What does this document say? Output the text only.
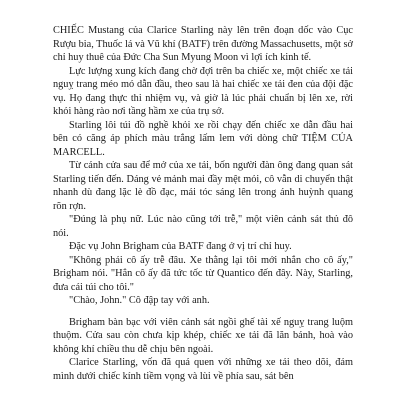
CHIẾC Mustang của Clarice Starling này lên trên đoạn dốc vào Cục Rượu bia, Thuốc lá và Vũ khí (BATF) trên đường Massachusetts, một sở chỉ huy thuê của Đức Cha Sun Myung Moon vì lợi ích kinh tế.

Lực lượng xung kích đang chờ đợi trên ba chiếc xe, một chiếc xe tải nguỵ trang méo mó dẫn đầu, theo sau là hai chiếc xe tải đen của đội đặc vụ. Họ đang thực thi nhiệm vụ, và giờ là lúc phải chuẩn bị lên xe, rời khỏi hàng rào nơi tầng hầm xe của trụ sở.

Starling lôi túi đồ nghề khỏi xe rồi chạy đến chiếc xe dẫn đầu hai bên có căng áp phích màu trắng lấm lem với dòng chữ TIỆM CỦA MARCELL.

Từ cánh cửa sau để mở của xe tải, bốn người đàn ông đang quan sát Starling tiến đến. Dáng vẻ mảnh mai đầy mệt mỏi, cô vẫn di chuyển thật nhanh dù đang lặc lè đồ đạc, mái tóc sáng lên trong ánh huỳnh quang rõn rợn.

"Đúng là phụ nữ. Lúc nào cũng tới trễ," một viên cảnh sát thủ đô nói.

Đặc vụ John Brigham của BATF đang ở vị trí chỉ huy.

"Không phải cô ấy trễ đâu. Xe thằng lại tôi mới nhắn cho cô ấy," Brigham nói. "Hẳn cô ấy đã tức tốc từ Quantico đến đây. Này, Starling, đưa cái túi cho tôi."

"Chào, John." Cô đập tay với anh.

Brigham bàn bạc với viên cảnh sát ngồi ghế tài xế nguỵ trang luộm thuộm. Cửa sau còn chưa kịp khép, chiếc xe tải đã lăn bánh, hoà vào không khí chiều thu dễ chịu bên ngoài.

Clarice Starling, vốn đã quá quen với những xe tải theo dõi, đảm mình dưới chiếc kính tiềm vọng và lùi về phía sau, sát bên
